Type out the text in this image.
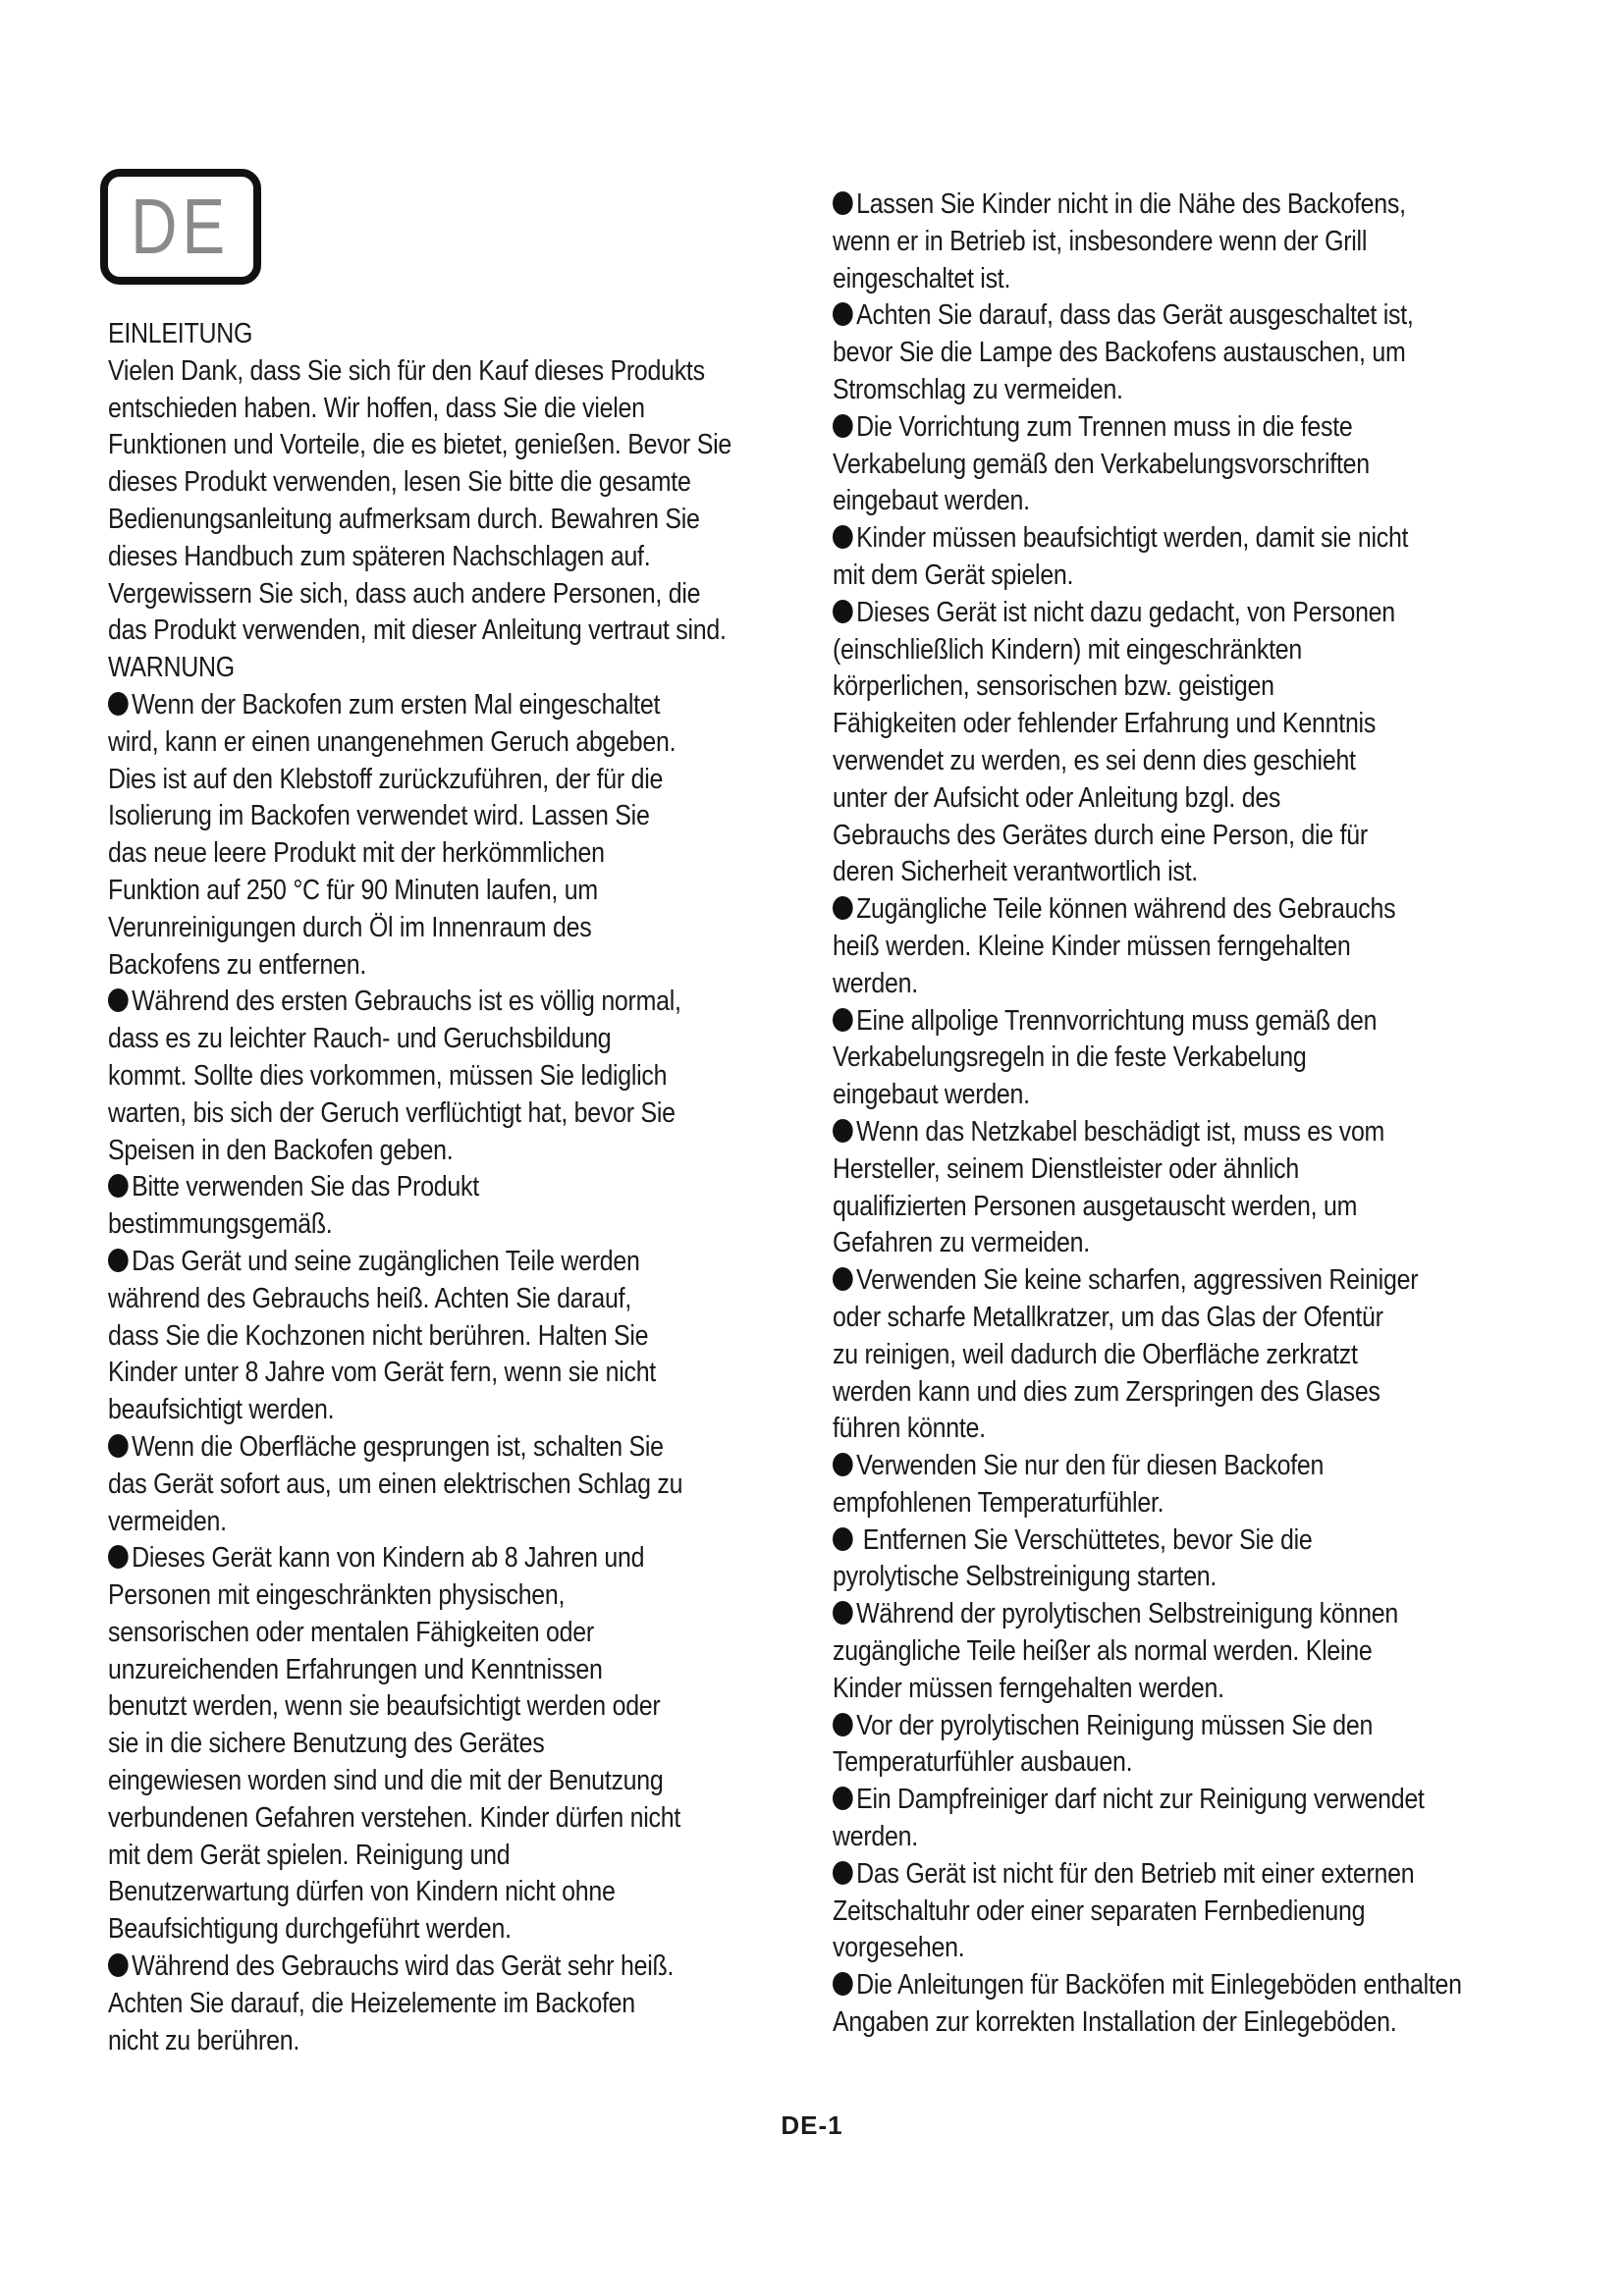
DE
EINLEITUNG
Vielen Dank, dass Sie sich für den Kauf dieses Produkts
entschieden haben. Wir hoffen, dass Sie die vielen
Funktionen und Vorteile, die es bietet, genießen. Bevor Sie
dieses Produkt verwenden, lesen Sie bitte die gesamte
Bedienungsanleitung aufmerksam durch. Bewahren Sie
dieses Handbuch zum späteren Nachschlagen auf.
Vergewissern Sie sich, dass auch andere Personen, die
das Produkt verwenden, mit dieser Anleitung vertraut sind.
WARNUNG
Wenn der Backofen zum ersten Mal eingeschaltet
wird, kann er einen unangenehmen Geruch abgeben.
Dies ist auf den Klebstoff zurückzuführen, der für die
Isolierung im Backofen verwendet wird. Lassen Sie
das neue leere Produkt mit der herkömmlichen
Funktion auf 250 °C für 90 Minuten laufen, um
Verunreinigungen durch Öl im Innenraum des
Backofens zu entfernen.
Während des ersten Gebrauchs ist es völlig normal,
dass es zu leichter Rauch- und Geruchsbildung
kommt. Sollte dies vorkommen, müssen Sie lediglich
warten, bis sich der Geruch verflüchtigt hat, bevor Sie
Speisen in den Backofen geben.
Bitte verwenden Sie das Produkt
bestimmungsgemäß.
Das Gerät und seine zugänglichen Teile werden
während des Gebrauchs heiß. Achten Sie darauf,
dass Sie die Kochzonen nicht berühren. Halten Sie
Kinder unter 8 Jahre vom Gerät fern, wenn sie nicht
beaufsichtigt werden.
Wenn die Oberfläche gesprungen ist, schalten Sie
das Gerät sofort aus, um einen elektrischen Schlag zu
vermeiden.
Dieses Gerät kann von Kindern ab 8 Jahren und
Personen mit eingeschränkten physischen,
sensorischen oder mentalen Fähigkeiten oder
unzureichenden Erfahrungen und Kenntnissen
benutzt werden, wenn sie beaufsichtigt werden oder
sie in die sichere Benutzung des Gerätes
eingewiesen worden sind und die mit der Benutzung
verbundenen Gefahren verstehen. Kinder dürfen nicht
mit dem Gerät spielen. Reinigung und
Benutzerwartung dürfen von Kindern nicht ohne
Beaufsichtigung durchgeführt werden.
Während des Gebrauchs wird das Gerät sehr heiß.
Achten Sie darauf, die Heizelemente im Backofen
nicht zu berühren.
Lassen Sie Kinder nicht in die Nähe des Backofens,
wenn er in Betrieb ist, insbesondere wenn der Grill
eingeschaltet ist.
Achten Sie darauf, dass das Gerät ausgeschaltet ist,
bevor Sie die Lampe des Backofens austauschen, um
Stromschlag zu vermeiden.
Die Vorrichtung zum Trennen muss in die feste
Verkabelung gemäß den Verkabelungsvorschriften
eingebaut werden.
Kinder müssen beaufsichtigt werden, damit sie nicht
mit dem Gerät spielen.
Dieses Gerät ist nicht dazu gedacht, von Personen
(einschließlich Kindern) mit eingeschränkten
körperlichen, sensorischen bzw. geistigen
Fähigkeiten oder fehlender Erfahrung und Kenntnis
verwendet zu werden, es sei denn dies geschieht
unter der Aufsicht oder Anleitung bzgl. des
Gebrauchs des Gerätes durch eine Person, die für
deren Sicherheit verantwortlich ist.
Zugängliche Teile können während des Gebrauchs
heiß werden. Kleine Kinder müssen ferngehalten
werden.
Eine allpolige Trennvorrichtung muss gemäß den
Verkabelungsregeln in die feste Verkabelung
eingebaut werden.
Wenn das Netzkabel beschädigt ist, muss es vom
Hersteller, seinem Dienstleister oder ähnlich
qualifizierten Personen ausgetauscht werden, um
Gefahren zu vermeiden.
Verwenden Sie keine scharfen, aggressiven Reiniger
oder scharfe Metallkratzer, um das Glas der Ofentür
zu reinigen, weil dadurch die Oberfläche zerkratzt
werden kann und dies zum Zerspringen des Glases
führen könnte.
Verwenden Sie nur den für diesen Backofen
empfohlenen Temperaturfühler.
Entfernen Sie Verschüttetes, bevor Sie die
pyrolytische Selbstreinigung starten.
Während der pyrolytischen Selbstreinigung können
zugängliche Teile heißer als normal werden. Kleine
Kinder müssen ferngehalten werden.
Vor der pyrolytischen Reinigung müssen Sie den
Temperaturfühler ausbauen.
Ein Dampfreiniger darf nicht zur Reinigung verwendet
werden.
Das Gerät ist nicht für den Betrieb mit einer externen
Zeitschaltuhr oder einer separaten Fernbedienung
vorgesehen.
Die Anleitungen für Backöfen mit Einlegeböden enthalten
Angaben zur korrekten Installation der Einlegeböden.
DE-1
